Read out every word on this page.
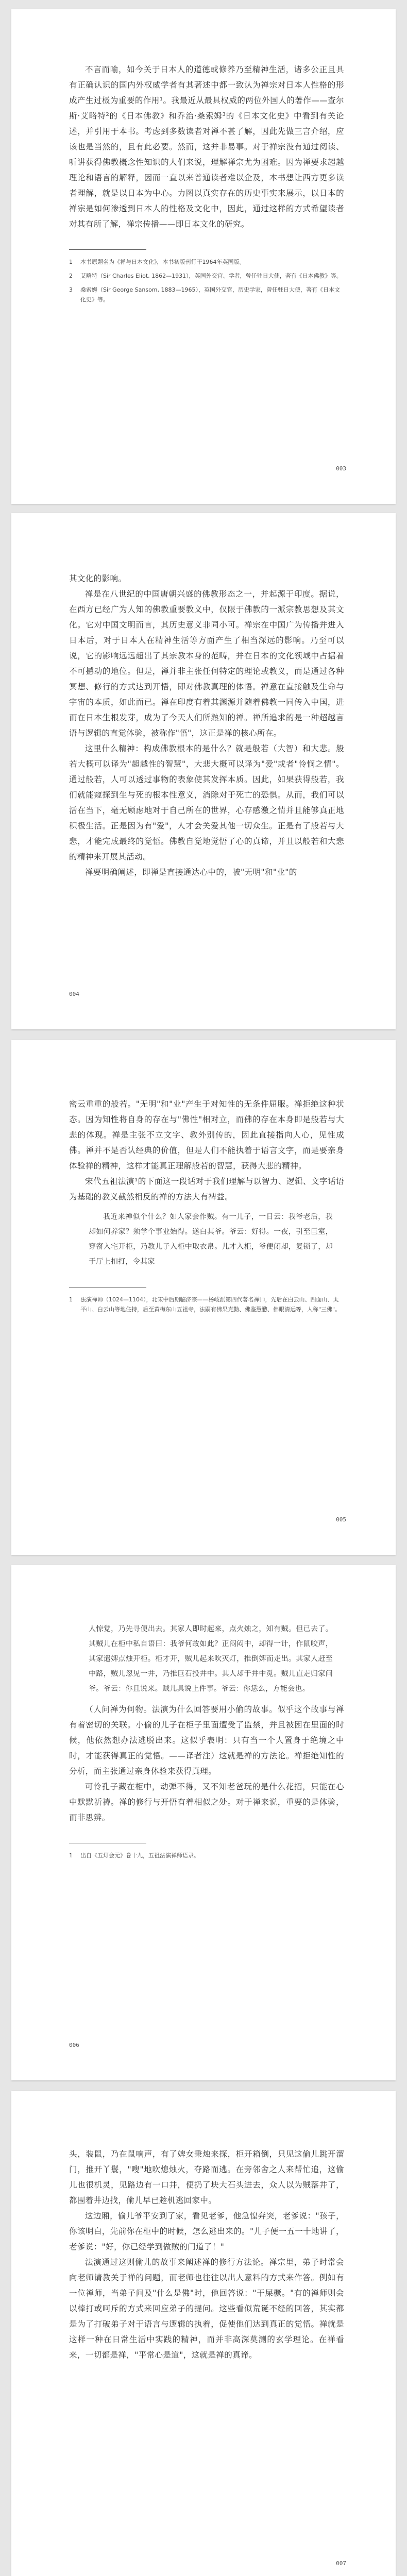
不言而喻，如今关于日本人的道德或修养乃至精神生活，诸多公正且具有正确认识的国内外权威学者有其著述中都一致认为禅宗对日本人性格的形成产生过极为重要的作用¹。我最近从最具权威的两位外国人的著作——查尔斯·艾略特²的《日本佛教》和乔治·桑索姆³的《日本文化史》中看到有关论述，并引用于本书。考虑到多数读者对禅不甚了解，因此先做三言介绍，应该也是当然的，且有此必要。然而，这并非易事。对于禅宗没有通过阅读、听讲获得佛教概念性知识的人们来说，理解禅宗尤为困难。因为禅要求超越理论和语言的解释，因而一直以来普通读者难以企及，本书想让西方更多读者理解，就是以日本为中心。力图以真实存在的历史事实来展示，以日本的禅宗是如何渗透到日本人的性格及文化中，因此，通过这样的方式希望读者对其有所了解，禅宗传播——即日本文化的研究。

1 本书原题名为《禅与日本文化》，本书初版刊行于1964年英国版。
2 艾略特（Sir Charles Eliot, 1862—1931），英国外交官、学者，曾任驻日大使，著有《日本佛教》等。
3 桑索姆（Sir George Sansom, 1883—1965），英国外交官，历史学家，曾任驻日大使，著有《日本文化史》等。
003

其文化的影响。

禅是在八世纪的中国唐朝兴盛的佛教形态之一，并起源于印度。据说，在西方已经广为人知的佛教重要教义中，仅限于佛教的一派宗教思想及其文化。它对中国文明而言，其历史意义非同小可。禅宗在中国广为传播并进入日本后，对于日本人在精神生活等方面产生了相当深远的影响。乃至可以说，它的影响远远超出了其宗教本身的范畴，并在日本的文化领域中占据着不可撼动的地位。但是，禅并非主张任何特定的理论或教义，而是通过各种冥想、修行的方式达到开悟，即对佛教真理的体悟。禅意在直接触及生命与宇宙的本质，如此而已。禅在印度有着其渊源并随着佛教一同传入中国，进而在日本生根发芽，成为了今天人们所熟知的禅。禅所追求的是一种超越言语与逻辑的直觉体验，被称作"悟"，这正是禅的核心所在。

这里什么精神：构成佛教根本的是什么？就是般若（大智）和大悲。般若大概可以译为"超越性的智慧"，大悲大概可以译为"爱"或者"怜悯之情"。通过般若，人可以透过事物的表象使其发挥本质。因此，如果获得般若，我们就能窥探到生与死的根本性意义，消除对于死亡的恐惧。从而，我们可以活在当下，毫无顾虑地对于自己所在的世界，心存感激之情并且能够真正地积极生活。正是因为有"爱"，人才会关爱其他一切众生。正是有了般若与大悲，才能完成最终的觉悟。佛教自觉地觉悟了心的真谛，并且以般若和大悲的精神来开展其活动。

禅要明确阐述，即禅是直接通达心中的，被"无明"和"业"的

004

密云重重的般若。"无明"和"业"产生于对知性的无条件屈服。禅拒绝这种状态。因为知性将自身的存在与"佛性"相对立，而佛的存在本身即是般若与大悲的体现。禅是主张不立文字、教外别传的，因此直接指向人心，见性成佛。禅并不是否认经典的价值，但是人们不能执着于语言文字，而是要亲身体验禅的精神，这样才能真正理解般若的智慧，获得大悲的精神。

宋代五祖法演¹的下面这一段话对于我们理解与以智力、逻辑、文字话语为基础的教义截然相反的禅的方法大有裨益。

我近来禅似个什么？如人家会作贼。有一儿子，一日云：我爷老后，我却如何养家？须学个事业始得。遂白其爷。爷云：好得。一夜，引至巨室，穿窬入宅开柜，乃教儿子入柜中取衣帛。儿才入柜，爷便闭却，复锁了，却于厅上扣打，令其家

1 法演禅师（1024—1104），北宋中后期临济宗——杨岐派第四代著名禅师，先后在白云山、四面山、太平山、白云山等地住持，后至黄梅东山五祖寺，法嗣有佛果克勤、佛鉴慧懃、佛眼清远等，人称"三佛"。
005

人惊觉，乃先寻便出去。其家人即时起来，点火烛之，知有贼。但已去了。其贼儿在柜中私自语曰：我爷何故如此？正闷闷中，却得一计，作鼠咬声，其家遣婢点烛开柜。柜才开，贼儿起来吹灭灯，推倒婢而走出。其家人赶至中路，贼儿忽见一井，乃推巨石投井中。其人却于井中觅。贼儿直走归家问爷。爷云：你且说来。贼儿具说上件事。爷云：你恁么，方能会也。

（人问禅为何物。法演为什么回答要用小偷的故事。似乎这个故事与禅有着密切的关联。小偷的儿子在柜子里面遭受了监禁，并且被困在里面的时候，他依然想办法逃脱出来。这似乎表明：只有当一个人置身于绝境之中时，才能获得真正的觉悟。——译者注）这就是禅的方法论。禅拒绝知性的分析，而主张通过亲身体验来获得真理。

可怜孔子藏在柜中，动弹不得，又不知老爸玩的是什么花招，只能在心中默默祈祷。禅的修行与开悟有着相似之处。对于禅来说，重要的是体验，而非思辨。

1 出自《五灯会元》卷十九，五祖法演禅师语录。
006

头，装鼠，乃在鼠响声，有了婢女秉烛来探，柜开箱倒，只见这偷儿跳开溜门，推开丫鬟，"嗖"地吹熄烛火，夺路而逃。在旁邻舍之人来帮忙追，这偷儿也很机灵，见路边有一口井，便扔了块大石头进去，众人以为贼落井了，都围着井边找，偷儿早已趁机逃回家中。

这边厢，偷儿爷平安到了家，看见老爹，他急惶奔突，老爹说："孩子，你该明白，先前你在柜中的时候，怎么逃出来的。"儿子便一五一十地讲了，老爹说："好，你已经学到做贼的门道了！"

法演通过这则偷儿的故事来阐述禅的修行方法论。禅宗里，弟子时常会向老师请教关于禅的问题，而老师也往往以出人意料的方式来作答。例如有一位禅师，当弟子问及"什么是佛"时，他回答说："干屎橛。"有的禅师则会以棒打或呵斥的方式来回应弟子的提问。这些看似荒诞不经的回答，其实都是为了打破弟子对于语言与逻辑的执着，促使他们达到真正的觉悟。禅就是这样一种在日常生活中实践的精神，而并非高深莫测的玄学理论。在禅看来，一切都是禅，"平常心是道"，这就是禅的真谛。

007
